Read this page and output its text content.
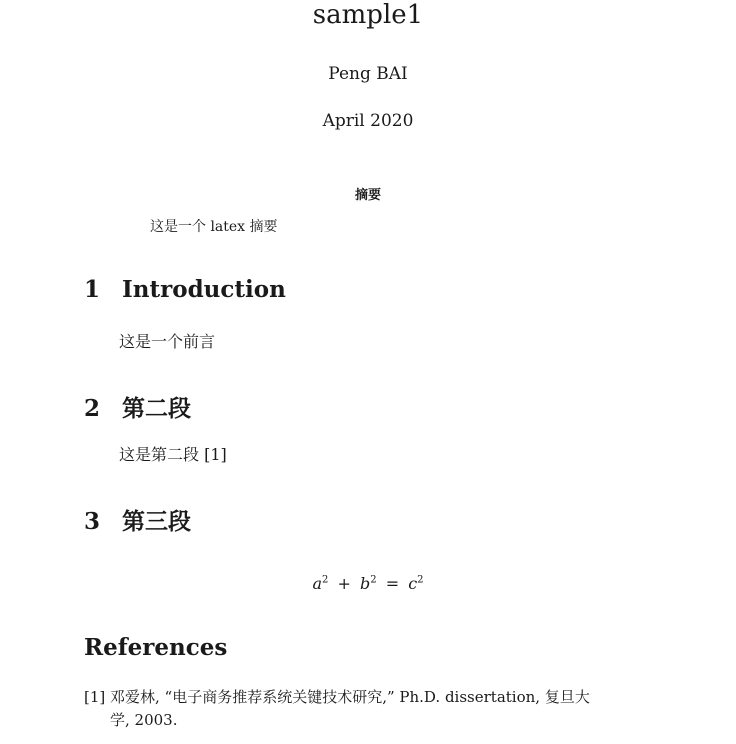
sample1
Peng BAI
April 2020
摘要
这是一个 latex 摘要
1 Introduction
这是一个前言
2 第二段
这是第二段 [1]
3 第三段
$a^2 + b^2 = c^2$
References
[1] 邓爱林, “电子商务推荐系统关键技术研究,” Ph.D. dissertation, 复旦大
学, 2003.
